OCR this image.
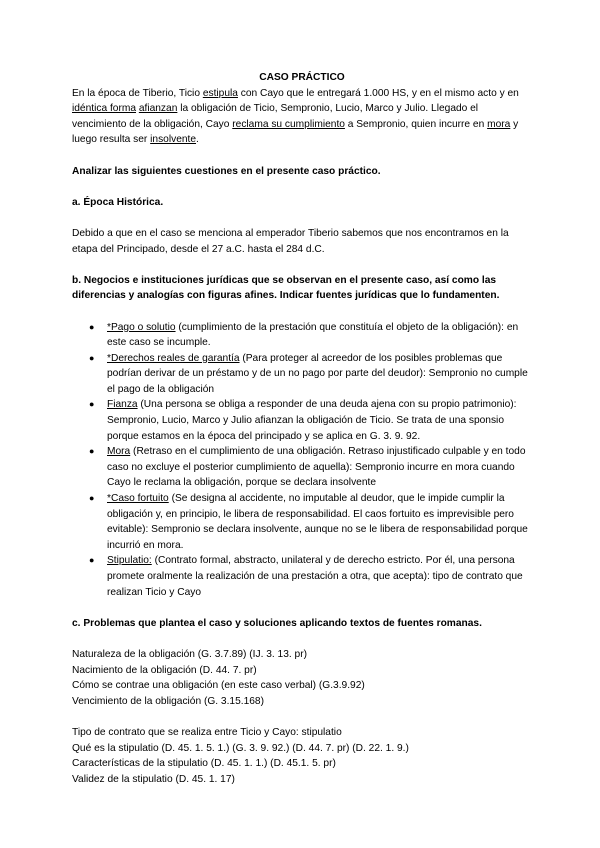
CASO PRÁCTICO

En la época de Tiberio, Ticio estipula con Cayo que le entregará 1.000 HS, y en el mismo acto y en idéntica forma afianzan la obligación de Ticio, Sempronio, Lucio, Marco y Julio. Llegado el vencimiento de la obligación, Cayo reclama su cumplimiento a Sempronio, quien incurre en mora y luego resulta ser insolvente.

Analizar las siguientes cuestiones en el presente caso práctico.

a. Época Histórica.

Debido a que en el caso se menciona al emperador Tiberio sabemos que nos encontramos en la etapa del Principado, desde el 27 a.C. hasta el 284 d.C.

b. Negocios e instituciones jurídicas que se observan en el presente caso, así como las diferencias y analogías con figuras afines. Indicar fuentes jurídicas que lo fundamenten.

● *Pago o solutio (cumplimiento de la prestación que constituía el objeto de la obligación): en este caso se incumple.
● *Derechos reales de garantía (Para proteger al acreedor de los posibles problemas que podrían derivar de un préstamo y de un no pago por parte del deudor): Sempronio no cumple el pago de la obligación
● Fianza (Una persona se obliga a responder de una deuda ajena con su propio patrimonio): Sempronio, Lucio, Marco y Julio afianzan la obligación de Ticio. Se trata de una sponsio porque estamos en la época del principado y se aplica en G. 3. 9. 92.
● Mora (Retraso en el cumplimiento de una obligación. Retraso injustificado culpable y en todo caso no excluye el posterior cumplimiento de aquella): Sempronio incurre en mora cuando Cayo le reclama la obligación, porque se declara insolvente
● *Caso fortuito (Se designa al accidente, no imputable al deudor, que le impide cumplir la obligación y, en principio, le libera de responsabilidad. El caos fortuito es imprevisible pero evitable): Sempronio se declara insolvente, aunque no se le libera de responsabilidad porque incurrió en mora.
● Stipulatio: (Contrato formal, abstracto, unilateral y de derecho estricto. Por él, una persona promete oralmente la realización de una prestación a otra, que acepta): tipo de contrato que realizan Ticio y Cayo

c. Problemas que plantea el caso y soluciones aplicando textos de fuentes romanas.

Naturaleza de la obligación (G. 3.7.89) (IJ. 3. 13. pr)

Nacimiento de la obligación (D. 44. 7. pr)

Cómo se contrae una obligación (en este caso verbal) (G.3.9.92)

Vencimiento de la obligación (G. 3.15.168)

Tipo de contrato que se realiza entre Ticio y Cayo: stipulatio

Qué es la stipulatio (D. 45. 1. 5. 1.) (G. 3. 9. 92.) (D. 44. 7. pr) (D. 22. 1. 9.)

Características de la stipulatio (D. 45. 1. 1.) (D. 45.1. 5. pr)

Validez de la stipulatio (D. 45. 1. 17)
